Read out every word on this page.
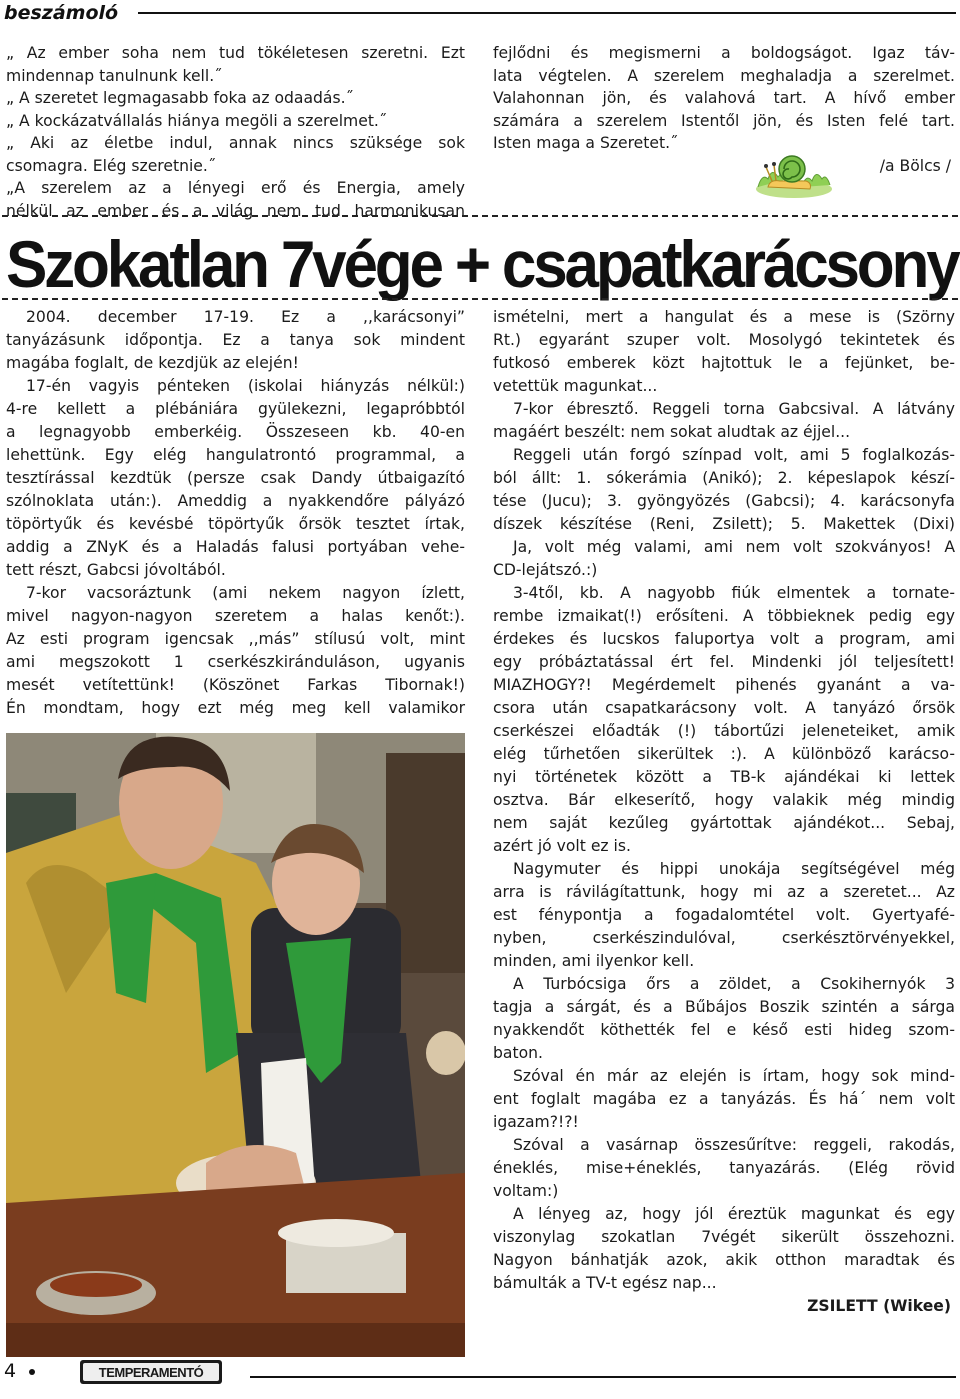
beszámoló
„ Az ember soha nem tud tökéletesen szeretni. Ezt
mindennap tanulnunk kell.˝
„ A szeretet legmagasabb foka az odaadás.˝
„ A kockázatvállalás hiánya megöli a szerelmet.˝
„ Aki az életbe indul, annak nincs szüksége sok
csomagra. Elég szeretnie.˝
„A szerelem az a lényegi erő és Energia, amely
nélkül az ember és a világ nem tud harmonikusan
fejlődni és megismerni a boldogságot. Igaz táv-
lata végtelen. A szerelem meghaladja a szerelmet.
Valahonnan jön, és valahová tart. A hívő ember
számára a szerelem Istentől jön, és Isten felé tart.
Isten maga a Szeretet.˝
/a Bölcs /
Szokatlan 7vége + csapatkarácsony
2004. december 17-19. Ez a ,,karácsonyi”
tanyázásunk időpontja. Ez a tanya sok mindent
magába foglalt, de kezdjük az elején!
17-én vagyis pénteken (iskolai hiányzás nélkül:)
4-re kellett a plébániára gyülekezni, legapróbbtól
a legnagyobb emberkéig. Összeseen kb. 40-en
lehettünk. Egy elég hangulatrontó programmal, a
tesztírással kezdtük (persze csak Dandy útbaigazító
szólnoklata után:). Ameddig a nyakkendőre pályázó
töpörtyűk és kevésbé töpörtyűk őrsök tesztet írtak,
addig a ZNyK és a Haladás falusi portyában vehe-
tett részt, Gabcsi jóvoltából.
7-kor vacsoráztunk (ami nekem nagyon ízlett,
mivel nagyon-nagyon szeretem a halas kenőt:).
Az esti program igencsak ,,más” stílusú volt, mint
ami megszokott 1 cserkészkiránduláson, ugyanis
mesét vetítettünk! (Köszönet Farkas Tibornak!)
Én mondtam, hogy ezt még meg kell valamikor
ismételni, mert a hangulat és a mese is (Szörny
Rt.) egyaránt szuper volt. Mosolygó tekintetek és
futkosó emberek közt hajtottuk le a fejünket, be-
vetettük magunkat...
7-kor ébresztő. Reggeli torna Gabcsival. A látvány
magáért beszélt: nem sokat aludtak az éjjel...
Reggeli után forgó színpad volt, ami 5 foglalkozás-
ból állt: 1. sókerámia (Anikó); 2. képeslapok készí-
tése (Jucu); 3. gyöngyözés (Gabcsi); 4. karácsonyfa
díszek készítése (Reni, Zsilett); 5. Makettek (Dixi)
Ja, volt még valami, ami nem volt szokványos! A
CD-lejátszó.:)
3-4től, kb. A nagyobb fiúk elmentek a tornate-
rembe izmaikat(!) erősíteni. A többieknek pedig egy
érdekes és lucskos faluportya volt a program, ami
egy próbáztatással ért fel. Mindenki jól teljesített!
MIAZHOGY?! Megérdemelt pihenés gyanánt a va-
csora után csapatkarácsony volt. A tanyázó őrsök
cserkészei előadták (!) tábortűzi jeleneteiket, amik
elég tűrhetően sikerültek :). A különböző karácso-
nyi történetek között a TB-k ajándékai ki lettek
osztva. Bár elkeserítő, hogy valakik még mindig
nem saját kezűleg gyártottak ajándékot... Sebaj,
azért jó volt ez is.
Nagymuter és hippi unokája segítségével még
arra is rávilágítattunk, hogy mi az a szeretet... Az
est fénypontja a fogadalomtétel volt. Gyertyafé-
nyben, cserkészindulóval, cserkésztörvényekkel,
minden, ami ilyenkor kell.
A Turbócsiga őrs a zöldet, a Csokihernyók 3
tagja a sárgát, és a Bűbájos Boszik szintén a sárga
nyakkendőt köthették fel e késő esti hideg szom-
baton.
Szóval én már az elején is írtam, hogy sok mind-
ent foglalt magába ez a tanyázás. És há´ nem volt
igazam?!?!
Szóval a vasárnap összesűrítve: reggeli, rakodás,
éneklés, mise+éneklés, tanyazárás. (Elég rövid
voltam:)
A lényeg az, hogy jól éreztük magunkat és egy
viszonylag szokatlan 7végét sikerült összehozni.
Nagyon bánhatják azok, akik otthon maradtak és
bámulták a TV-t egész nap...
ZSILETT (Wikee)
4	TEMPERAMENTÓ
